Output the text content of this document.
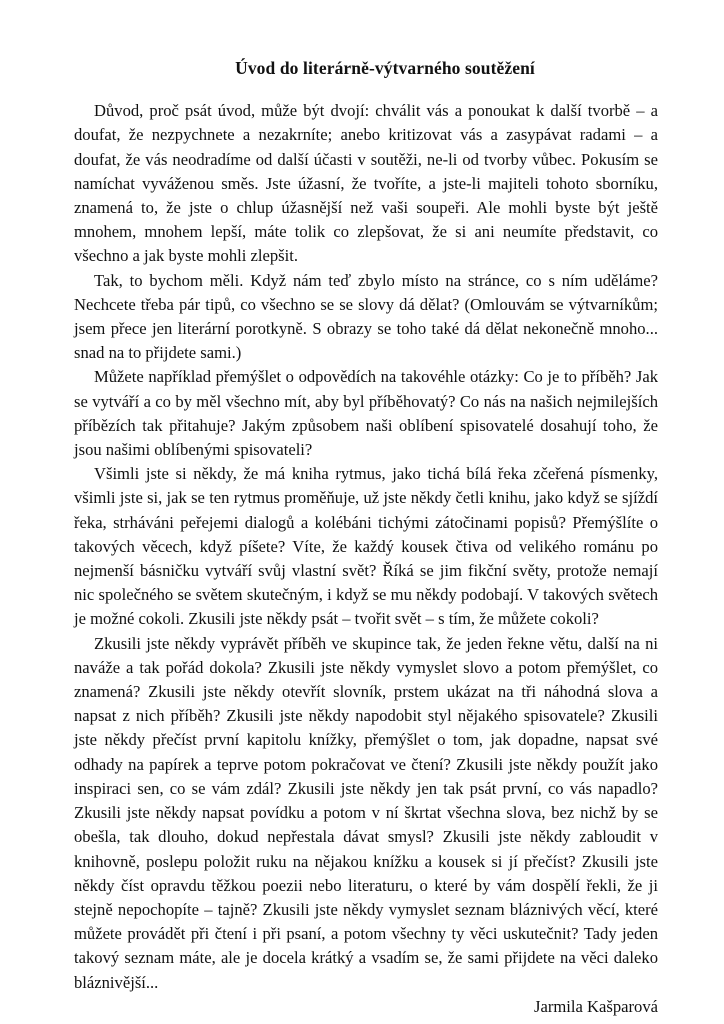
Úvod do literárně-výtvarného soutěžení

Důvod, proč psát úvod, může být dvojí: chválit vás a ponoukat k další tvorbě – a doufat, že nezpychnete a nezakrníte; anebo kritizovat vás a zasypávat radami – a doufat, že vás neodradíme od další účasti v soutěži, ne-li od tvorby vůbec. Pokusím se namíchat vyváženou směs. Jste úžasní, že tvoříte, a jste-li majiteli tohoto sborníku, znamená to, že jste o chlup úžasnější než vaši soupeři. Ale mohli byste být ještě mnohem, mnohem lepší, máte tolik co zlepšovat, že si ani neumíte představit, co všechno a jak byste mohli zlepšit.

Tak, to bychom měli. Když nám teď zbylo místo na stránce, co s ním uděláme? Nechcete třeba pár tipů, co všechno se se slovy dá dělat? (Omlouvám se výtvarníkům; jsem přece jen literární porotkyně. S obrazy se toho také dá dělat nekonečně mnoho... snad na to přijdete sami.)

Můžete například přemýšlet o odpovědích na takovéhle otázky: Co je to příběh? Jak se vytváří a co by měl všechno mít, aby byl příběhovatý? Co nás na našich nejmilejších příbězích tak přitahuje? Jakým způsobem naši oblíbení spisovatelé dosahují toho, že jsou našimi oblíbenými spisovateli?

Všimli jste si někdy, že má kniha rytmus, jako tichá bílá řeka zčeřená písmenky, všimli jste si, jak se ten rytmus proměňuje, už jste někdy četli knihu, jako když se sjíždí řeka, strháváni peřejemi dialogů a kolébáni tichými zátočinami popisů? Přemýšlíte o takových věcech, když píšete? Víte, že každý kousek čtiva od velikého románu po nejmenší básničku vytváří svůj vlastní svět? Říká se jim fikční světy, protože nemají nic společného se světem skutečným, i když se mu někdy podobají. V takových světech je možné cokoli. Zkusili jste někdy psát – tvořit svět – s tím, že můžete cokoli?

Zkusili jste někdy vyprávět příběh ve skupince tak, že jeden řekne větu, další na ni naváže a tak pořád dokola? Zkusili jste někdy vymyslet slovo a potom přemýšlet, co znamená? Zkusili jste někdy otevřít slovník, prstem ukázat na tři náhodná slova a napsat z nich příběh? Zkusili jste někdy napodobit styl nějakého spisovatele? Zkusili jste někdy přečíst první kapitolu knížky, přemýšlet o tom, jak dopadne, napsat své odhady na papírek a teprve potom pokračovat ve čtení? Zkusili jste někdy použít jako inspiraci sen, co se vám zdál? Zkusili jste někdy jen tak psát první, co vás napadlo? Zkusili jste někdy napsat povídku a potom v ní škrtat všechna slova, bez nichž by se obešla, tak dlouho, dokud nepřestala dávat smysl? Zkusili jste někdy zabloudit v knihovně, poslepu položit ruku na nějakou knížku a kousek si jí přečíst? Zkusili jste někdy číst opravdu těžkou poezii nebo literaturu, o které by vám dospělí řekli, že ji stejně nepochopíte – tajně? Zkusili jste někdy vymyslet seznam bláznivých věcí, které můžete provádět při čtení i při psaní, a potom všechny ty věci uskutečnit? Tady jeden takový seznam máte, ale je docela krátký a vsadím se, že sami přijdete na věci daleko bláznivější...

Jarmila Kašparová
